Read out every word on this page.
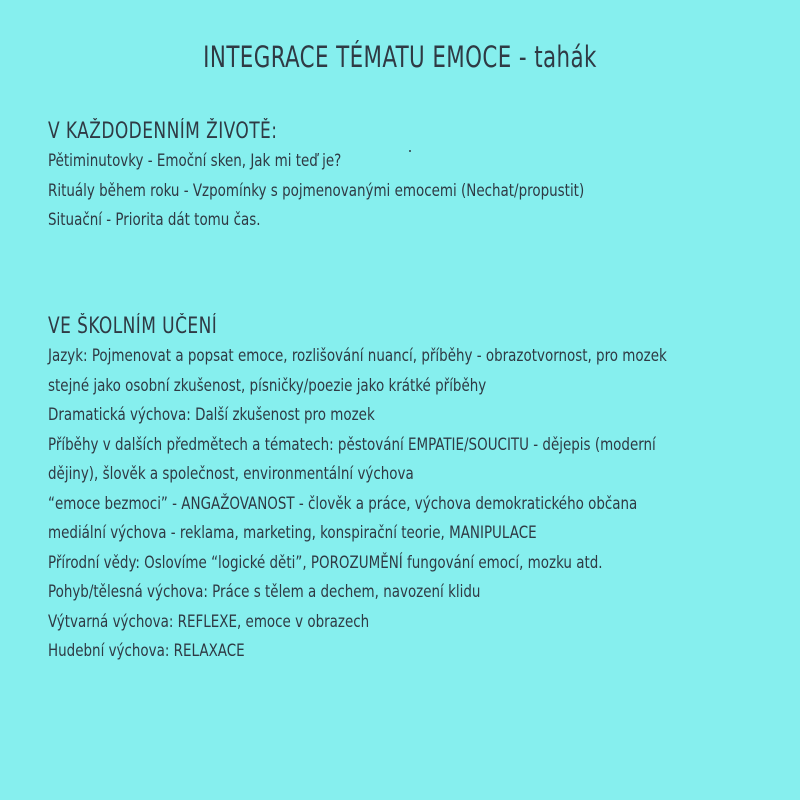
INTEGRACE TÉMATU EMOCE - tahák
V KAŽDODENNÍM ŽIVOTĚ:
Pětiminutovky - Emoční sken, Jak mi teď je?
Rituály během roku - Vzpomínky s pojmenovanými emocemi (Nechat/propustit)
Situační - Priorita dát tomu čas.
VE ŠKOLNÍM UČENÍ
Jazyk: Pojmenovat a popsat emoce, rozlišování nuancí, příběhy - obrazotvornost, pro mozek
stejné jako osobní zkušenost, písničky/poezie jako krátké příběhy
Dramatická výchova: Další zkušenost pro mozek
Příběhy v dalších předmětech a tématech: pěstování EMPATIE/SOUCITU - dějepis (moderní
dějiny), šlověk a společnost, environmentální výchova
“emoce bezmoci” - ANGAŽOVANOST - člověk a práce, výchova demokratického občana
mediální výchova - reklama, marketing, konspirační teorie, MANIPULACE
Přírodní vědy: Oslovíme “logické děti”, POROZUMĚNÍ fungování emocí, mozku atd.
Pohyb/tělesná výchova: Práce s tělem a dechem, navození klidu
Výtvarná výchova: REFLEXE, emoce v obrazech
Hudební výchova: RELAXACE
